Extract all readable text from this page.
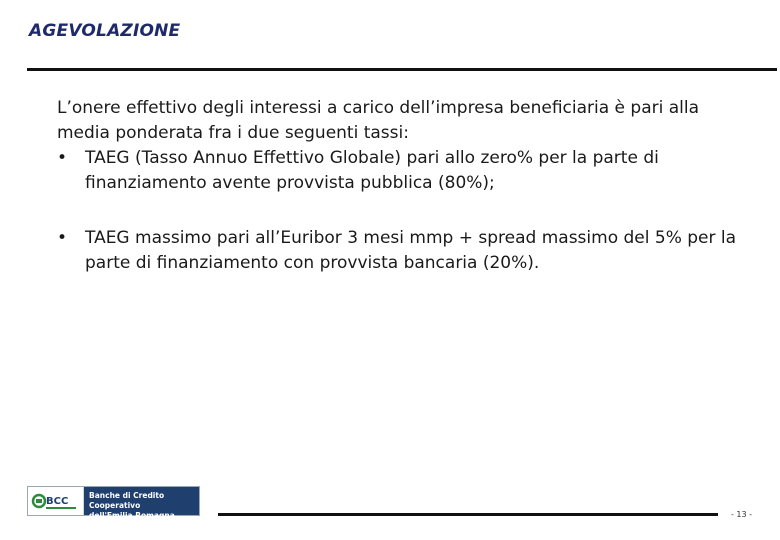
AGEVOLAZIONE

L’onere effettivo degli interessi a carico dell’impresa beneficiaria è pari alla media ponderata fra i due seguenti tassi:

•	TAEG (Tasso Annuo Effettivo Globale) pari allo zero% per la parte di finanziamento avente provvista pubblica (80%);
•	TAEG massimo pari all’Euribor 3 mesi mmp + spread massimo del 5% per la parte di finanziamento con provvista bancaria (20%).
BCC
Banche di Credito Cooperativo
dell'Emilia Romagna	- 13 -
